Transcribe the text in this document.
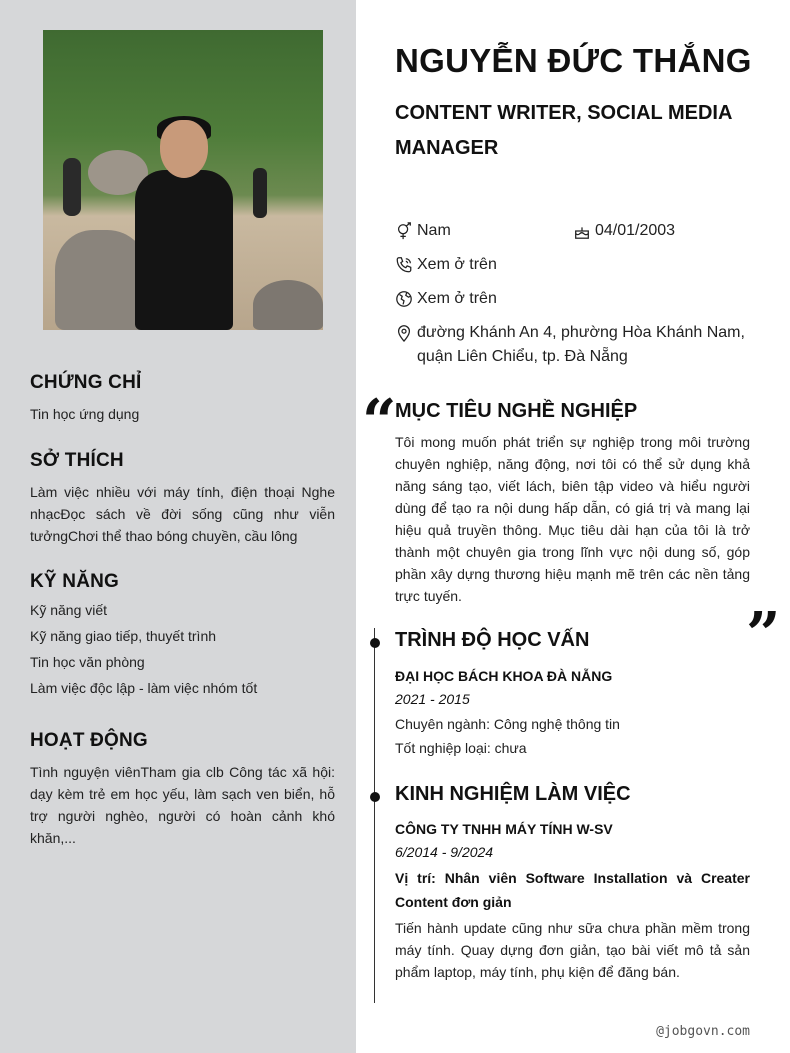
CHỨNG CHỈ

Tin học ứng dụng

SỞ THÍCH

Làm việc nhiều với máy tính, điện thoại Nghe nhạcĐọc sách về đời sống cũng như viễn tưởngChơi thể thao bóng chuyền, cầu lông

KỸ NĂNG
Kỹ năng viết
Kỹ năng giao tiếp, thuyết trình
Tin học văn phòng
Làm việc độc lập - làm việc nhóm tốt
HOẠT ĐỘNG

Tình nguyện viênTham gia clb Công tác xã hội: dạy kèm trẻ em học yếu, làm sạch ven biển, hỗ trợ người nghèo, người có hoàn cảnh khó khăn,...

NGUYỄN ĐỨC THẮNG
CONTENT WRITER, SOCIAL MEDIA MANAGER
Nam	04/01/2003
Xem ở trên
Xem ở trên
đường Khánh An 4, phường Hòa Khánh Nam, quận Liên Chiểu, tp. Đà Nẵng
“
MỤC TIÊU NGHỀ NGHIỆP
Tôi mong muốn phát triển sự nghiệp trong môi trường chuyên nghiệp, năng động, nơi tôi có thể sử dụng khả năng sáng tạo, viết lách, biên tập video và hiểu người dùng để tạo ra nội dung hấp dẫn, có giá trị và mang lại hiệu quả truyền thông. Mục tiêu dài hạn của tôi là trở thành một chuyên gia trong lĩnh vực nội dung số, góp phần xây dựng thương hiệu mạnh mẽ trên các nền tảng trực tuyến.
”
TRÌNH ĐỘ HỌC VẤN
ĐẠI HỌC BÁCH KHOA ĐÀ NẴNG
2021 - 2015
Chuyên ngành: Công nghệ thông tin
Tốt nghiệp loại: chưa
KINH NGHIỆM LÀM VIỆC
CÔNG TY TNHH MÁY TÍNH W-SV
6/2014 - 9/2024
Vị trí: Nhân viên Software Installation và Creater Content đơn giản
Tiến hành update cũng như sữa chưa phần mềm trong máy tính. Quay dựng đơn giản, tạo bài viết mô tả sản phẩm laptop, máy tính, phụ kiện để đăng bán.
@jobgovn.com
